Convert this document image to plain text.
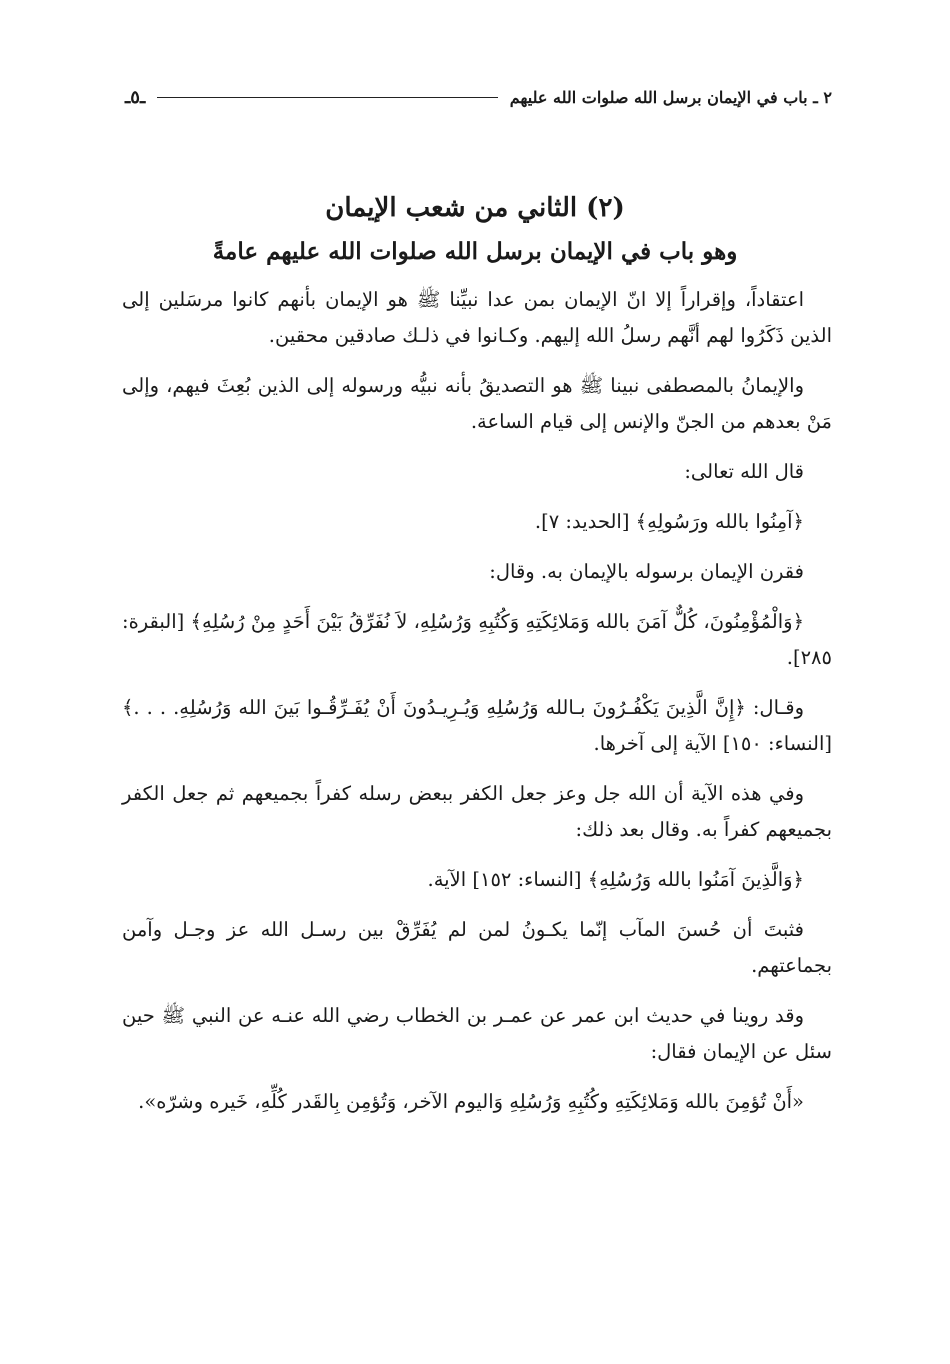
٢ ـ باب في الإيمان برسل الله صلوات الله عليهم
ـ٥ـ
(٢) الثاني من شعب الإيمان
وهو باب في الإيمان برسل الله صلوات الله عليهم عامةً

اعتقاداً، وإقراراً إلا انّ الإيمان بمن عدا نبيِّنا ﷺ هو الإيمان بأنهم كانوا مرسَلين إلى الذين ذَكَرُوا لهم أنَّهم رسلُ الله إليهم. وكـانوا في ذلـك صادقين محقين.

والإيمانُ بالمصطفى نبينا ﷺ هو التصديقُ بأنه نبيُّه ورسوله إلى الذين بُعِثَ فيهم، وإلى مَنْ بعدهم من الجنّ والإنس إلى قيام الساعة.

قال الله تعالى:

﴿آمِنُوا بالله ورَسُولِهِ﴾ [الحديد: ٧].

فقرن الإيمان برسوله بالإيمان به. وقال:

﴿وَالْمُؤْمِنُونَ، كُلٌّ آمَنَ بالله وَمَلائِكَتِهِ وَكُتُبِهِ وَرُسُلِهِ، لاَ نُفَرِّقُ بَيْنَ أَحَدٍ مِنْ رُسُلِهِ﴾ [البقرة: ٢٨٥].

وقـال: ﴿إِنَّ الَّذِينَ يَكْفُـرُونَ بـالله وَرُسُلِهِ وَيُـرِيـدُونَ أَنْ يُفَـرِّقُـوا بَينَ الله وَرُسُلِهِ. . . .﴾ [النساء: ١٥٠] الآية إلى آخرها.

وفي هذه الآية أن الله جل وعز جعل الكفر ببعض رسله كفراً بجميعهم ثم جعل الكفر بجميعهم كفراً به. وقال بعد ذلك:

﴿وَالَّذِينَ آمَنُوا بالله وَرُسُلِهِ﴾ [النساء: ١٥٢] الآية.

فثبتَ أن حُسنَ المآب إنّما يكـونُ لمن لم يُفَرِّقْ بين رسـل الله عز وجـل وآمن بجماعتهم.

وقد روينا في حديث ابن عمر عن عمـر بن الخطاب رضي الله عنـه عن النبي ﷺ حين سئل عن الإيمان فقال:

«أَنْ تُؤمِنَ بالله وَمَلائِكَتِهِ وكُتُبِهِ وَرُسُلِهِ وَاليوم الآخر، وَتُؤمِن بِالقَدر كُلِّهِ، خَيره وشرّه».
